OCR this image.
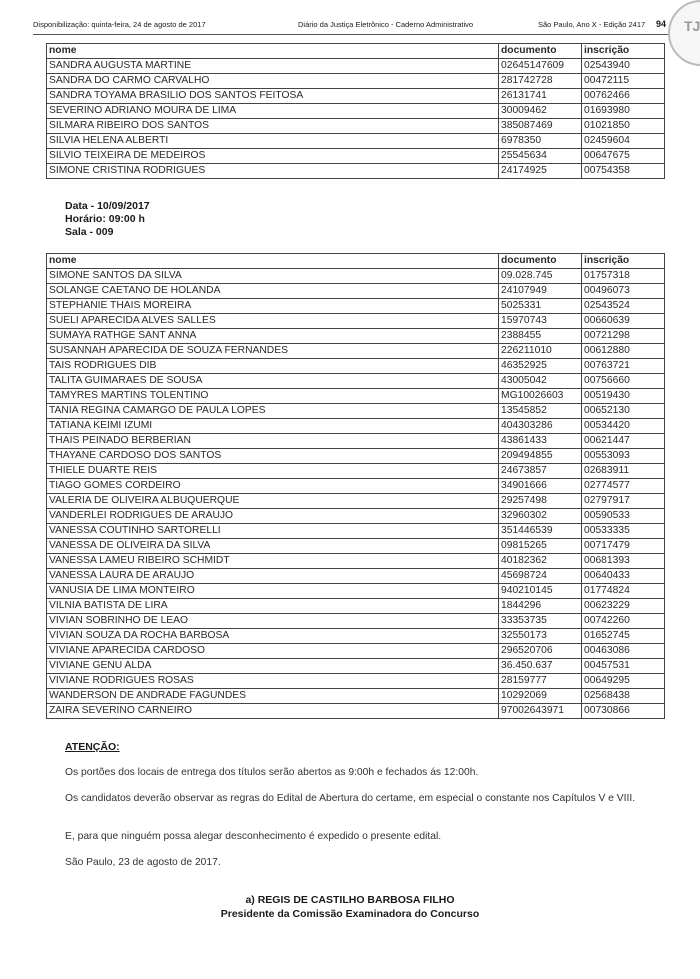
Disponibilização: quinta-feira, 24 de agosto de 2017	Diário da Justiça Eletrônico - Caderno Administrativo	São Paulo, Ano X - Edição 2417 94 TJ
nome	documento	inscrição
SANDRA AUGUSTA MARTINE	02645147609	02543940
SANDRA DO CARMO CARVALHO	281742728	00472115
SANDRA TOYAMA BRASILIO DOS SANTOS FEITOSA	26131741	00762466
SEVERINO ADRIANO MOURA DE LIMA	30009462	01693980
SILMARA RIBEIRO DOS SANTOS	385087469	01021850
SILVIA HELENA ALBERTI	6978350	02459604
SILVIO TEIXEIRA DE MEDEIROS	25545634	00647675
SIMONE CRISTINA RODRIGUES	24174925	00754358
Data - 10/09/2017
Horário: 09:00 h
Sala - 009
nome	documento	inscrição
SIMONE SANTOS DA SILVA	09.028.745	01757318
SOLANGE CAETANO DE HOLANDA	24107949	00496073
STEPHANIE THAIS MOREIRA	5025331	02543524
SUELI APARECIDA ALVES SALLES	15970743	00660639
SUMAYA RATHGE SANT ANNA	2388455	00721298
SUSANNAH APARECIDA DE SOUZA FERNANDES	226211010	00612880
TAIS RODRIGUES DIB	46352925	00763721
TALITA GUIMARAES DE SOUSA	43005042	00756660
TAMYRES MARTINS TOLENTINO	MG10026603	00519430
TANIA REGINA CAMARGO DE PAULA LOPES	13545852	00652130
TATIANA KEIMI IZUMI	404303286	00534420
THAIS PEINADO BERBERIAN	43861433	00621447
THAYANE CARDOSO DOS SANTOS	209494855	00553093
THIELE DUARTE REIS	24673857	02683911
TIAGO GOMES CORDEIRO	34901666	02774577
VALERIA DE OLIVEIRA ALBUQUERQUE	29257498	02797917
VANDERLEI RODRIGUES DE ARAUJO	32960302	00590533
VANESSA COUTINHO SARTORELLI	351446539	00533335
VANESSA DE OLIVEIRA DA SILVA	09815265	00717479
VANESSA LAMEU RIBEIRO SCHMIDT	40182362	00681393
VANESSA LAURA DE ARAUJO	45698724	00640433
VANUSIA DE LIMA MONTEIRO	940210145	01774824
VILNIA BATISTA DE LIRA	1844296	00623229
VIVIAN SOBRINHO DE LEAO	33353735	00742260
VIVIAN SOUZA DA ROCHA BARBOSA	32550173	01652745
VIVIANE APARECIDA CARDOSO	296520706	00463086
VIVIANE GENU ALDA	36.450.637	00457531
VIVIANE RODRIGUES ROSAS	28159777	00649295
WANDERSON DE ANDRADE FAGUNDES	10292069	02568438
ZAIRA SEVERINO CARNEIRO	97002643971	00730866
ATENÇÃO:
Os portões dos locais de entrega dos títulos serão abertos as 9:00h e fechados ás 12:00h.
Os candidatos deverão observar as regras do Edital de Abertura do certame, em especial o constante nos Capítulos V e VIII.
E, para que ninguém possa alegar desconhecimento é expedido o presente edital.
São Paulo, 23 de agosto de 2017.
a) REGIS DE CASTILHO BARBOSA FILHO
Presidente da Comissão Examinadora do Concurso
